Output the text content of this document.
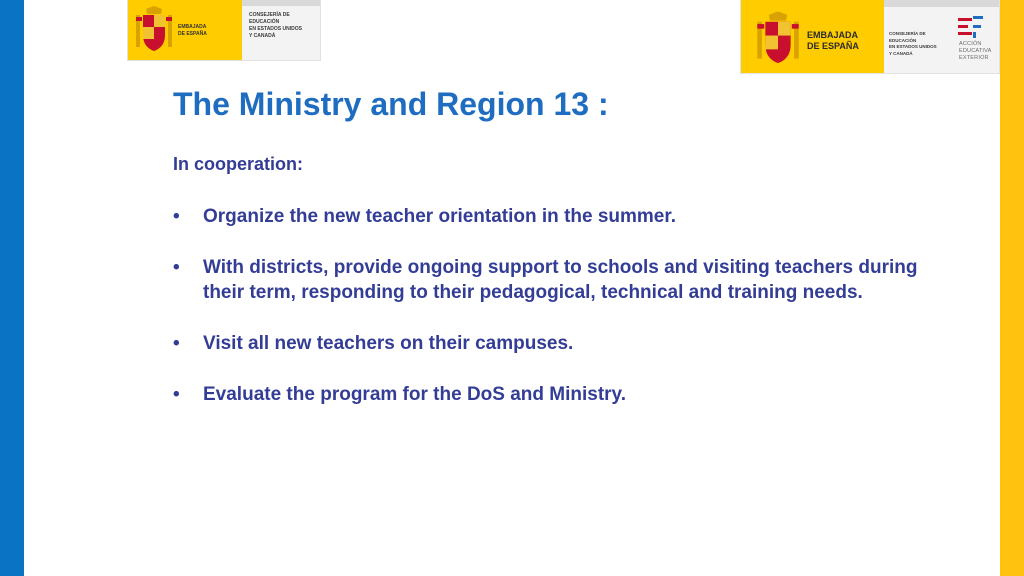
EMBAJADA
DE ESPAÑA
CONSEJERÍA DE EDUCACIÓN
EN ESTADOS UNIDOS
Y CANADÁ	EMBAJADA
DE ESPAÑA
CONSEJERÍA DE EDUCACIÓN
EN ESTADOS UNIDOS
Y CANADÁ
ACCIÓN
EDUCATIVA
EXTERIOR
The Ministry and Region 13 :
In cooperation:
•	Organize the new teacher orientation in the summer.
•	With districts, provide ongoing support to schools and visiting teachers during their term, responding to their pedagogical, technical and training needs.
•	Visit all new teachers on their campuses.
•	Evaluate the program for the DoS and Ministry.
